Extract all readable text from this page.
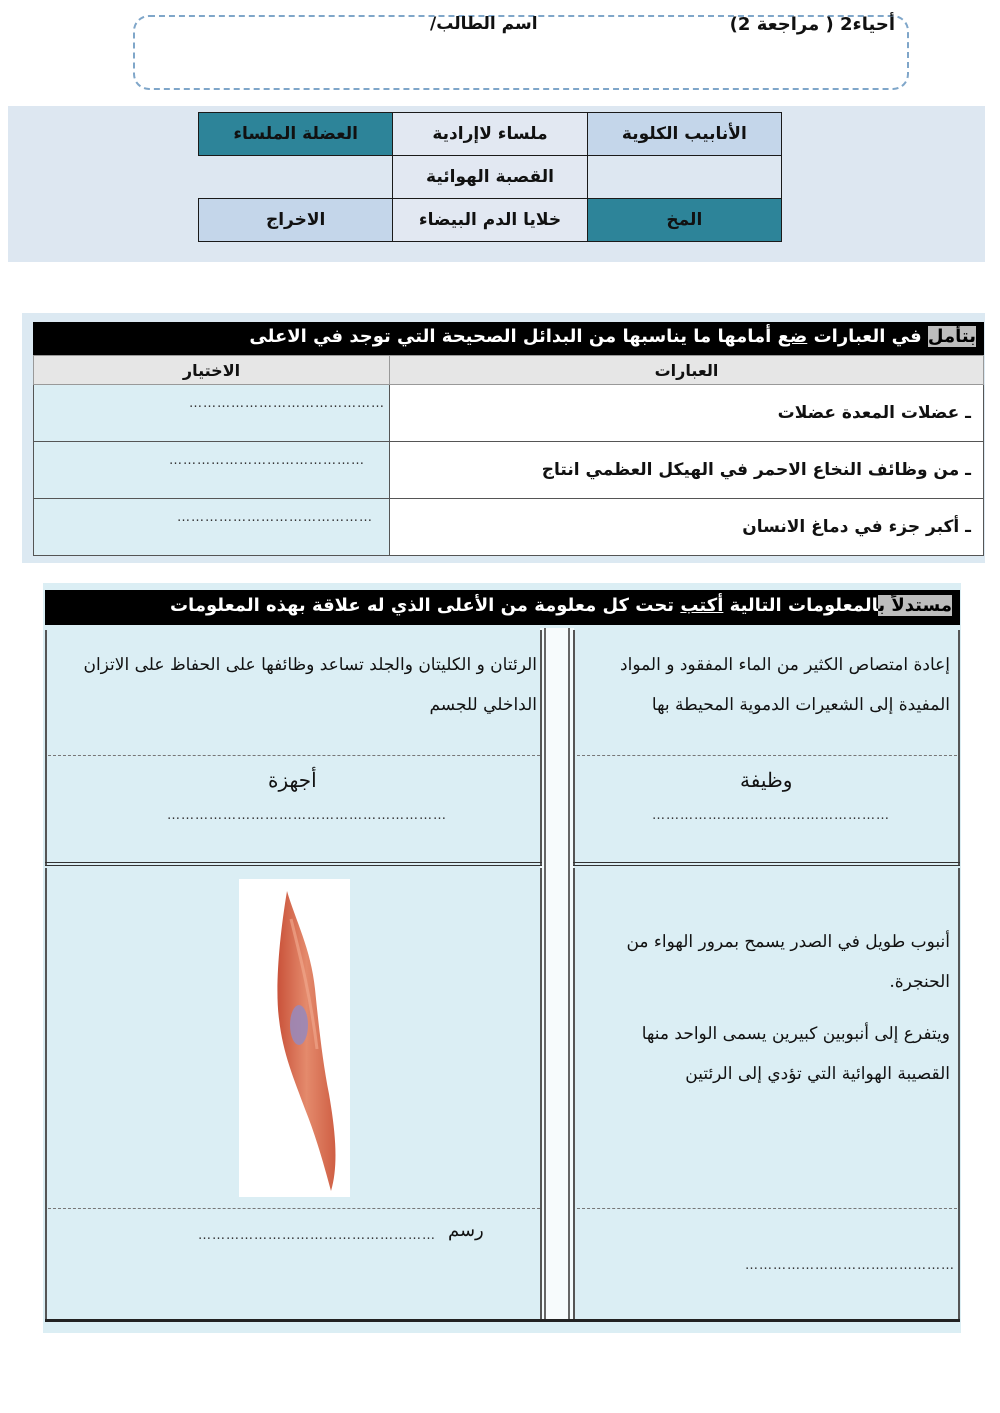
أحياء2 ( مراجعة 2)
اسم الطالب/
الأنابيب الكلوية	ملساء لاإرادية	العضلة الملساء
	القصبة الهوائية	
المخ	خلايا الدم البيضاء	الاخراج
بتأمل في العبارات ضع أمامها ما يناسبها من البدائل الصحيحة التي توجد في الاعلى
العبارات	الاختيار
ـ عضلات المعدة عضلات	……………………………………

ـ من وظائف النخاع الاحمر في الهيكل العظمي انتاج	……………………………………

ـ أكبر جزء في دماغ الانسان	……………………………………
مستدلاً بالمعلومات التالية أكتب تحت كل معلومة من الأعلى الذي له علاقة بهذه المعلومات
إعادة امتصاص الكثير من الماء المفقود و المواد المفيدة إلى الشعيرات الدموية المحيطة بها
وظيفة
……………………………………………
الرئتان و الكليتان والجلد تساعد وظائفها على الحفاظ على الاتزان الداخلي للجسم
أجهزة
……………………………………………………
أنبوب طويل في الصدر يسمح بمرور الهواء من الحنجرة.
ويتفرع إلى أنبوبين كبيرين يسمى الواحد منها القصيبة الهوائية التي تؤدي إلى الرئتين
………………………………………
رسم
……………………………………………
